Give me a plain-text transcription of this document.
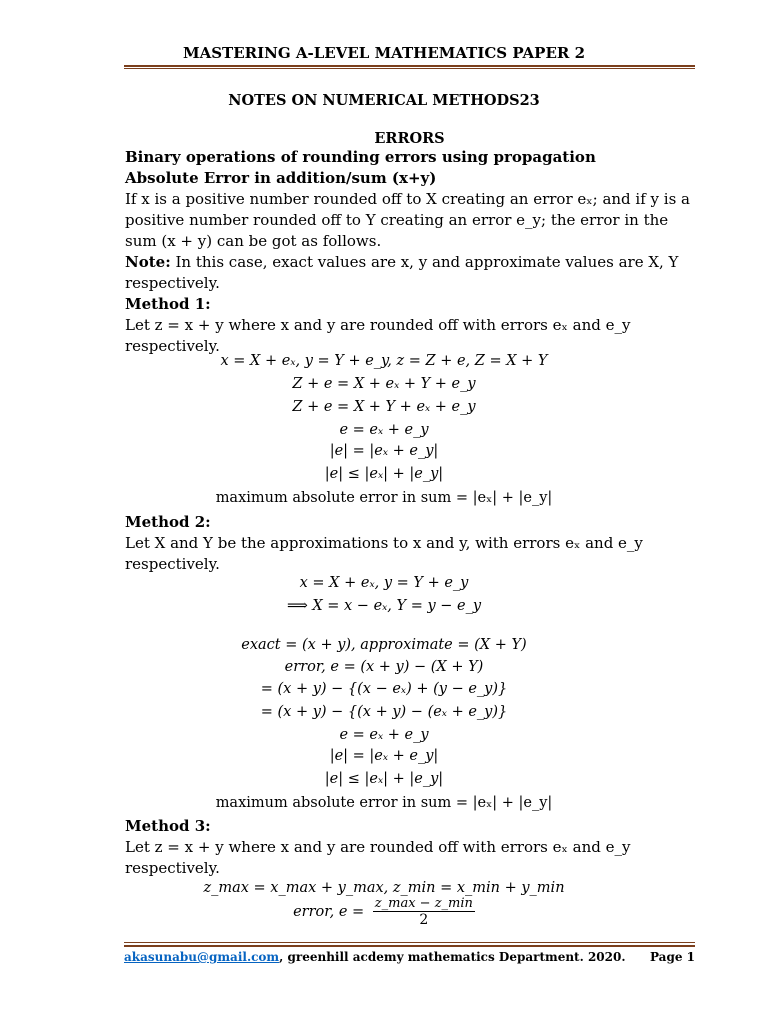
MASTERING A-LEVEL MATHEMATICS PAPER 2
NOTES ON NUMERICAL METHODS23
ERRORS
Binary operations of rounding errors using propagation
Absolute Error in addition/sum (x+y)
If x is a positive number rounded off to X creating an error eₓ; and if y is a
positive number rounded off to Y creating an error e_y; the error in the
sum (x + y) can be got as follows.
Note: In this case, exact values are x, y and approximate values are X, Y
respectively.
Method 1:
Let z = x + y where x and y are rounded off with errors eₓ and e_y
respectively.
x = X + eₓ, y = Y + e_y, z = Z + e, Z = X + Y
Z + e = X + eₓ + Y + e_y
Z + e = X + Y + eₓ + e_y
e = eₓ + e_y
|e| = |eₓ + e_y|
|e| ≤ |eₓ| + |e_y|
maximum absolute error in sum = |eₓ| + |e_y|
Method 2:
Let X and Y be the approximations to x and y, with errors eₓ and e_y
respectively.
x = X + eₓ, y = Y + e_y
⟹ X = x − eₓ, Y = y − e_y
exact = (x + y), approximate = (X + Y)
error, e = (x + y) − (X + Y)
= (x + y) − {(x − eₓ) + (y − e_y)}
= (x + y) − {(x + y) − (eₓ + e_y)}
e = eₓ + e_y
|e| = |eₓ + e_y|
|e| ≤ |eₓ| + |e_y|
maximum absolute error in sum = |eₓ| + |e_y|
Method 3:
Let z = x + y where x and y are rounded off with errors eₓ and e_y
respectively.
z_max = x_max + y_max, z_min = x_min + y_min
error, $e = \frac{z\_\max - z\_\min}{2}$
akasunabu@gmail.com, greenhill acdemy mathematics Department. 2020. Page 1
